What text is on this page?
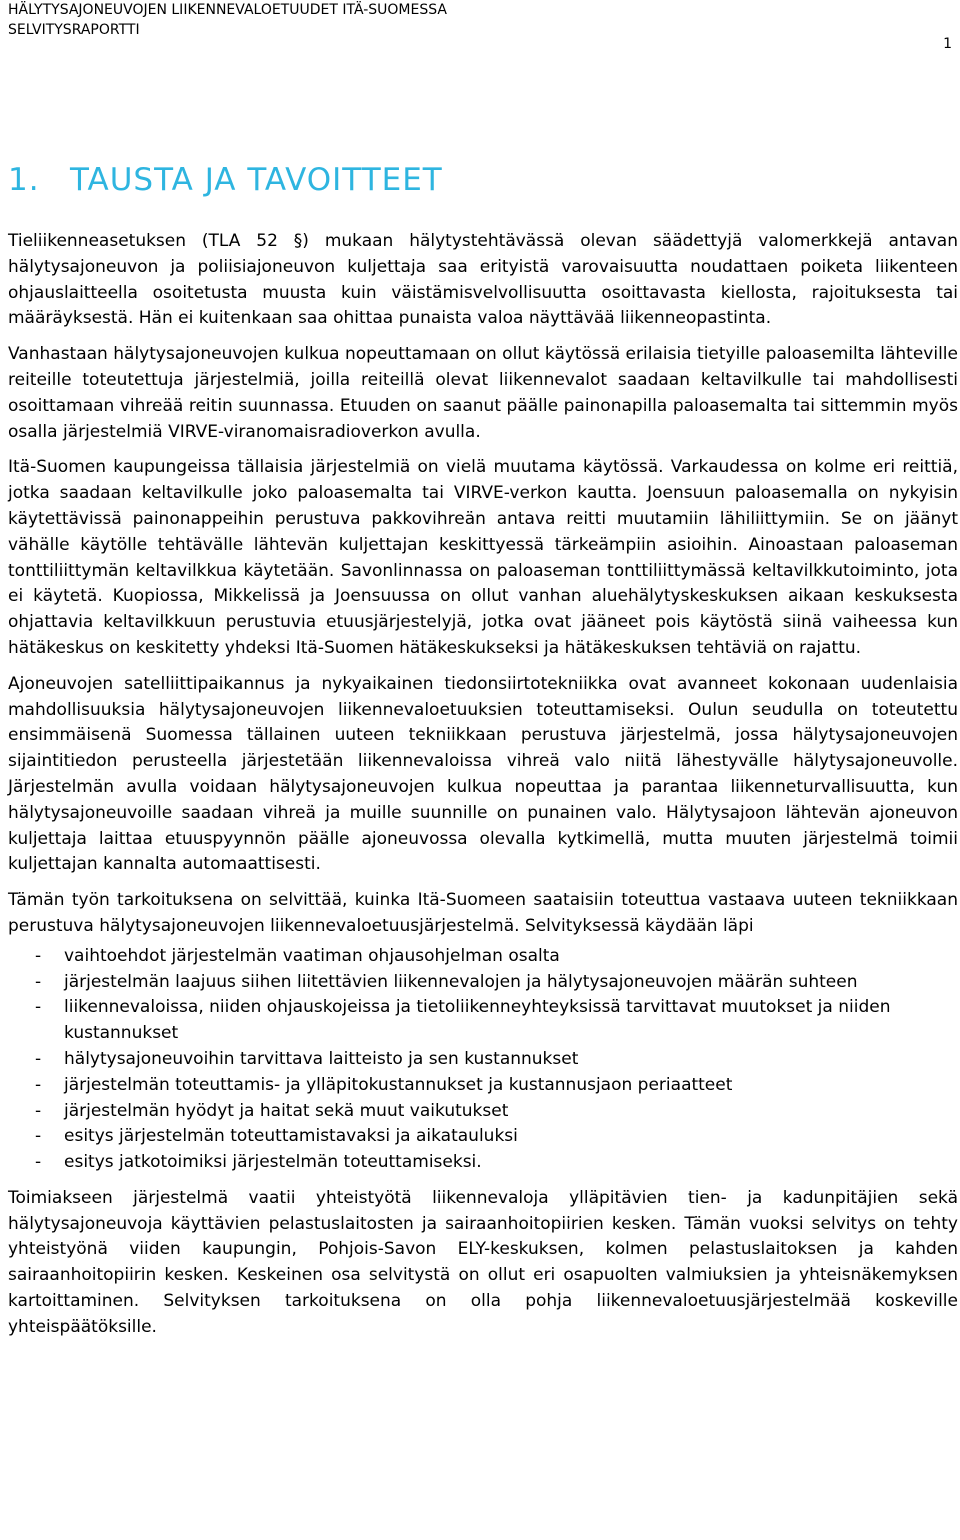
HÄLYTYSAJONEUVOJEN LIIKENNEVALOETUUDET ITÄ-SUOMESSA
SELVITYSRAPORTTI
1
1. TAUSTA JA TAVOITTEET

Tieliikenneasetuksen (TLA 52 §) mukaan hälytystehtävässä olevan säädettyjä valomerkkejä antavan hälytysajoneuvon ja poliisiajoneuvon kuljettaja saa erityistä varovaisuutta noudattaen poiketa liikenteen ohjauslaitteella osoitetusta muusta kuin väistämisvelvollisuutta osoittavasta kiellosta, rajoituksesta tai määräyksestä. Hän ei kuitenkaan saa ohittaa punaista valoa näyttävää liikenneopastinta.

Vanhastaan hälytysajoneuvojen kulkua nopeuttamaan on ollut käytössä erilaisia tietyille paloasemilta lähteville reiteille toteutettuja järjestelmiä, joilla reiteillä olevat liikennevalot saadaan keltavilkulle tai mahdollisesti osoittamaan vihreää reitin suunnassa. Etuuden on saanut päälle painonapilla paloasemalta tai sittemmin myös osalla järjestelmiä VIRVE-viranomaisradioverkon avulla.

Itä-Suomen kaupungeissa tällaisia järjestelmiä on vielä muutama käytössä. Varkaudessa on kolme eri reittiä, jotka saadaan keltavilkulle joko paloasemalta tai VIRVE-verkon kautta. Joensuun paloasemalla on nykyisin käytettävissä painonappeihin perustuva pakkovihreän antava reitti muutamiin lähiliittymiin. Se on jäänyt vähälle käytölle tehtävälle lähtevän kuljettajan keskittyessä tärkeämpiin asioihin. Ainoastaan paloaseman tonttiliittymän keltavilkkua käytetään. Savonlinnassa on paloaseman tonttiliittymässä keltavilkkutoiminto, jota ei käytetä. Kuopiossa, Mikkelissä ja Joensuussa on ollut vanhan aluehälytyskeskuksen aikaan keskuksesta ohjattavia keltavilkkuun perustuvia etuusjärjestelyjä, jotka ovat jääneet pois käytöstä siinä vaiheessa kun hätäkeskus on keskitetty yhdeksi Itä-Suomen hätäkeskukseksi ja hätäkeskuksen tehtäviä on rajattu.

Ajoneuvojen satelliittipaikannus ja nykyaikainen tiedonsiirtotekniikka ovat avanneet kokonaan uudenlaisia mahdollisuuksia hälytysajoneuvojen liikennevaloetuuksien toteuttamiseksi. Oulun seudulla on toteutettu ensimmäisenä Suomessa tällainen uuteen tekniikkaan perustuva järjestelmä, jossa hälytysajoneuvojen sijaintitiedon perusteella järjestetään liikennevaloissa vihreä valo niitä lähestyvälle hälytysajoneuvolle. Järjestelmän avulla voidaan hälytysajoneuvojen kulkua nopeuttaa ja parantaa liikenneturvallisuutta, kun hälytysajoneuvoille saadaan vihreä ja muille suunnille on punainen valo. Hälytysajoon lähtevän ajoneuvon kuljettaja laittaa etuuspyynnön päälle ajoneuvossa olevalla kytkimellä, mutta muuten järjestelmä toimii kuljettajan kannalta automaattisesti.

Tämän työn tarkoituksena on selvittää, kuinka Itä-Suomeen saataisiin toteuttua vastaava uuteen tekniikkaan perustuva hälytysajoneuvojen liikennevaloetuusjärjestelmä. Selvityksessä käydään läpi

- vaihtoehdot järjestelmän vaatiman ohjausohjelman osalta
- järjestelmän laajuus siihen liitettävien liikennevalojen ja hälytysajoneuvojen määrän suhteen
- liikennevaloissa, niiden ohjauskojeissa ja tietoliikenneyhteyksissä tarvittavat muutokset ja niiden kustannukset
- hälytysajoneuvoihin tarvittava laitteisto ja sen kustannukset
- järjestelmän toteuttamis- ja ylläpitokustannukset ja kustannusjaon periaatteet
- järjestelmän hyödyt ja haitat sekä muut vaikutukset
- esitys järjestelmän toteuttamistavaksi ja aikatauluksi
- esitys jatkotoimiksi järjestelmän toteuttamiseksi.

Toimiakseen järjestelmä vaatii yhteistyötä liikennevaloja ylläpitävien tien- ja kadunpitäjien sekä hälytysajoneuvoja käyttävien pelastuslaitosten ja sairaanhoitopiirien kesken. Tämän vuoksi selvitys on tehty yhteistyönä viiden kaupungin, Pohjois-Savon ELY-keskuksen, kolmen pelastuslaitoksen ja kahden sairaanhoitopiirin kesken. Keskeinen osa selvitystä on ollut eri osapuolten valmiuksien ja yhteisnäkemyksen kartoittaminen. Selvityksen tarkoituksena on olla pohja liikennevaloetuusjärjestelmää koskeville yhteispäätöksille.
